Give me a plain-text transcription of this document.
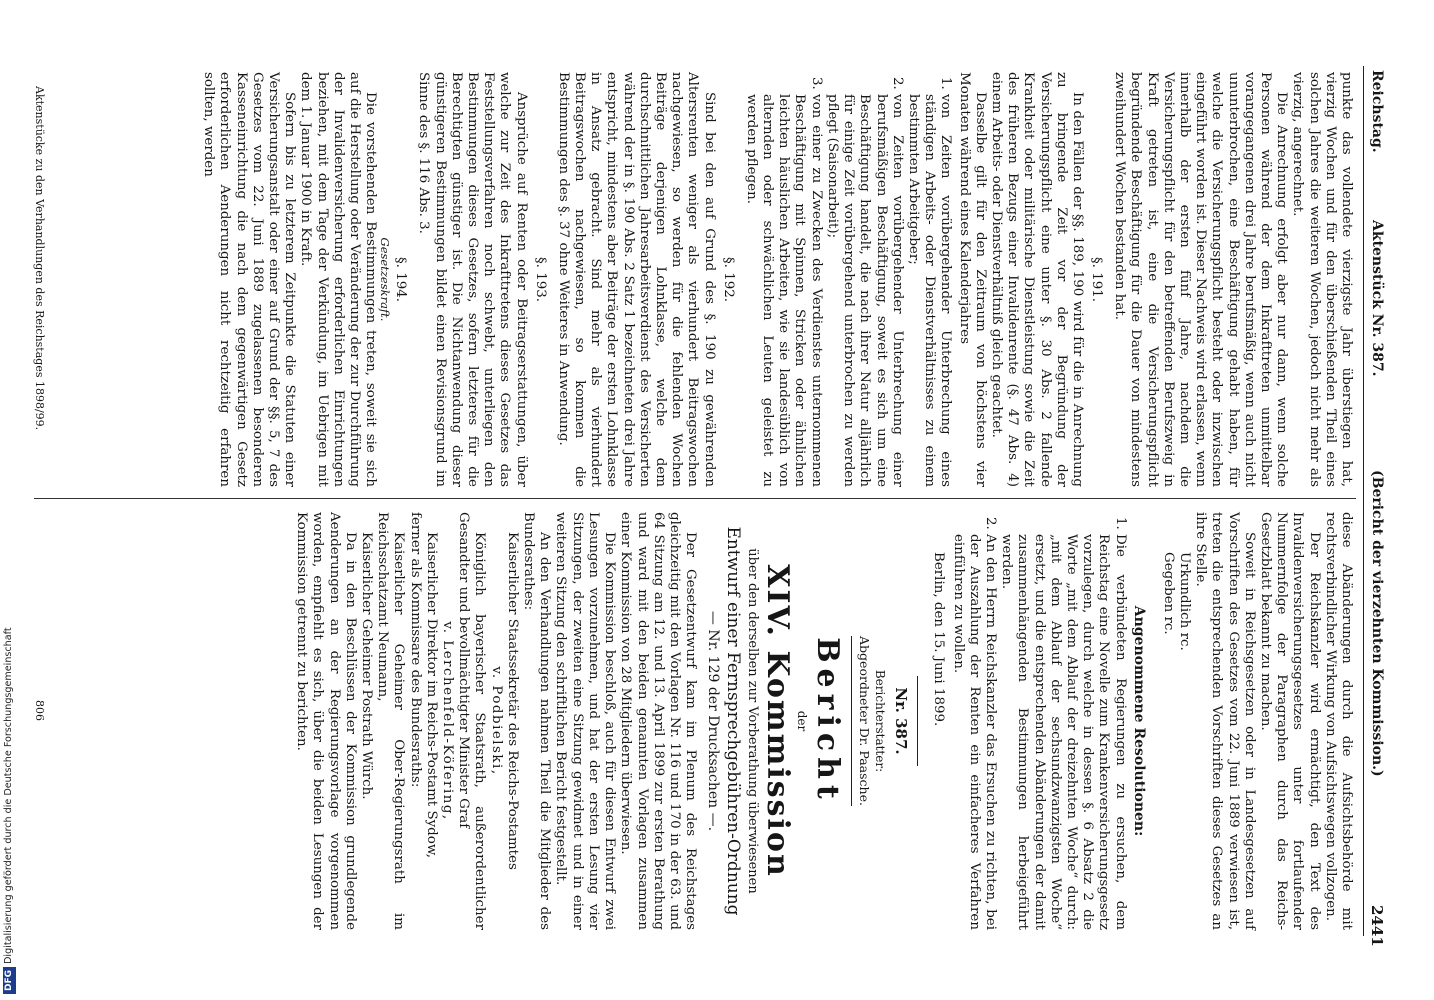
DFGDigitalisierung gefördert durch die Deutsche Forschungsgemeinschaft
Reichstag.
Aktenstück Nr. 387.
(Bericht der vierzehnten Kommission.)
2441

punkte das vollendete vierzigste Jahr überstiegen hat, vierzig Wochen und für den überschießenden Theil eines solchen Jahres die weiteren Wochen, jedoch nicht mehr als vierzig, angerechnet.

Die Anrechnung erfolgt aber nur dann, wenn solche Personen während der dem Inkrafttreten unmittelbar vorangegangenen drei Jahre berufsmäßig, wenn auch nicht ununterbrochen, eine Beschäftigung gehabt haben, für welche die Versicherungspflicht besteht oder inzwischen eingeführt worden ist. Dieser Nachweis wird erlassen, wenn innerhalb der ersten fünf Jahre, nachdem die Versicherungspflicht für den betreffenden Berufszweig in Kraft getreten ist, eine die Versicherungspflicht begründende Beschäftigung für die Dauer von mindestens zweihundert Wochen bestanden hat.

§. 191.

In den Fällen der §§. 189, 190 wird für die in Anrechnung zu bringende Zeit vor der Begründung der Versicherungspflicht eine unter §. 30 Abs. 2 fallende Krankheit oder militärische Dienstleistung sowie die Zeit des früheren Bezugs einer Invalidenrente (§. 47 Abs. 4) einem Arbeits- oder Dienstverhältniß gleich geachtet.

Dasselbe gilt für den Zeitraum von höchstens vier Monaten während eines Kalenderjahres

1. von Zeiten vorübergehender Unterbrechung eines ständigen Arbeits- oder Dienstverhältnisses zu einem bestimmten Arbeitgeber;
2. von Zeiten vorübergehender Unterbrechung einer berufsmäßigen Beschäftigung, soweit es sich um eine Beschäftigung handelt, die nach ihrer Natur alljährlich für einige Zeit vorübergehend unterbrochen zu werden pflegt (Saisonarbeit);
3. von einer zu Zwecken des Verdienstes unternommenen Beschäftigung mit Spinnen, Stricken oder ähnlichen leichten häuslichen Arbeiten, wie sie landesüblich von alternden oder schwächlichen Leuten geleistet zu werden pflegen.

§. 192.

Sind bei den auf Grund des §. 190 zu gewährenden Altersrenten weniger als vierhundert Beitragswochen nachgewiesen, so werden für die fehlenden Wochen Beiträge derjenigen Lohnklasse, welche dem durchschnittlichen Jahresarbeitsverdienst des Versicherten während der in §. 190 Abs. 2 Satz 1 bezeichneten drei Jahre entspricht, mindestens aber Beiträge der ersten Lohnklasse in Ansatz gebracht. Sind mehr als vierhundert Beitragswochen nachgewiesen, so kommen die Bestimmungen des §. 37 ohne Weiteres in Anwendung.

§. 193.

Ansprüche auf Renten oder Beitragserstattungen, über welche zur Zeit des Inkrafttretens dieses Gesetzes das Feststellungsverfahren noch schwebt, unterliegen den Bestimmungen dieses Gesetzes, sofern letzteres für die Berechtigten günstiger ist. Die Nichtanwendung dieser günstigeren Bestimmungen bildet einen Revisionsgrund im Sinne des §. 116 Abs. 3.

§. 194.

Gesetzeskraft.

Die vorstehenden Bestimmungen treten, soweit sie sich auf die Herstellung oder Veränderung der zur Durchführung der Invalidenversicherung erforderlichen Einrichtungen beziehen, mit dem Tage der Verkündung, im Uebrigen mit dem 1. Januar 1900 in Kraft.

Sofern bis zu letzterem Zeitpunkte die Statuten einer Versicherungsanstalt oder einer auf Grund der §§. 5, 7 des Gesetzes vom 22. Juni 1889 zugelassenen besonderen Kasseneinrichtung die nach dem gegenwärtigen Gesetz erforderlichen Aenderungen nicht rechtzeitig erfahren sollten, werden

Aktenstücke zu den Verhandlungen des Reichstages 1898/99.

diese Abänderungen durch die Aufsichtsbehörde mit rechtsverbindlicher Wirkung von Aufsichtswegen vollzogen.

Der Reichskanzler wird ermächtigt, den Text des Invalidenversicherungsgesetzes unter fortlaufender Nummernfolge der Paragraphen durch das Reichs-Gesetzblatt bekannt zu machen.

Soweit in Reichsgesetzen oder in Landesgesetzen auf Vorschriften des Gesetzes vom 22. Juni 1889 verwiesen ist, treten die entsprechenden Vorschriften dieses Gesetzes an ihre Stelle.

Urkundlich rc.

Gegeben rc.

Angenommene Resolutionen:

1. Die verbündeten Regierungen zu ersuchen, dem Reichstag eine Novelle zum Krankenversicherungsgesetz vorzulegen, durch welche in dessen §. 6 Absatz 2 die Worte „mit dem Ablauf der dreizehnten Woche“ durch: „mit dem Ablauf der sechsundzwanzigsten Woche“ ersetzt, und die entsprechenden Abänderungen der damit zusammenhängenden Bestimmungen herbeigeführt werden.
2. An den Herrn Reichskanzler das Ersuchen zu richten, bei der Auszahlung der Renten ein einfacheres Verfahren einführen zu wollen.

Berlin, den 15. Juni 1899.

Nr. 387.

Berichterstatter:

Abgeordneter Dr. Paasche.

Bericht

der

XIV. Kommission

über den derselben zur Vorberathung überwiesenen

Entwurf einer Fernsprechgebühren-Ordnung

— Nr. 129 der Drucksachen —.

Der Gesetzentwurf kam im Plenum des Reichstages gleichzeitig mit den Vorlagen Nr. 116 und 170 in der 63. und 64 Sitzung am 12. und 13. April 1899 zur ersten Berathung und ward mit den beiden genannten Vorlagen zusammen einer Kommission von 28 Mitgliedern überwiesen.

Die Kommission beschloß, auch für diesen Entwurf zwei Lesungen vorzunehmen, und hat der ersten Lesung vier Sitzungen, der zweiten eine Sitzung gewidmet und in einer weiteren Sitzung den schriftlichen Bericht festgestellt.

An den Verhandlungen nahmen Theil die Mitglieder des Bundesrathes:

Kaiserlicher Staatssekretär des Reichs-Postamtes

v. Podbielski,

Königlich bayerischer Staatsrath, außerordentlicher Gesandter und bevollmächtigter Minister Graf

v. Lerchenfeld-Köfering,

Kaiserlicher Direktor im Reichs-Postamt Sydow,

ferner als Kommissare des Bundesraths:

Kaiserlicher Geheimer Ober-Regierungsrath im Reichsschatzamt Neumann,

Kaiserlicher Geheimer Postrath Würch.

Da in den Beschlüssen der Kommission grundlegende Aenderungen an der Regierungsvorlage vorgenommen worden, empfiehlt es sich, über die beiden Lesungen der Kommission getrennt zu berichten.

806
